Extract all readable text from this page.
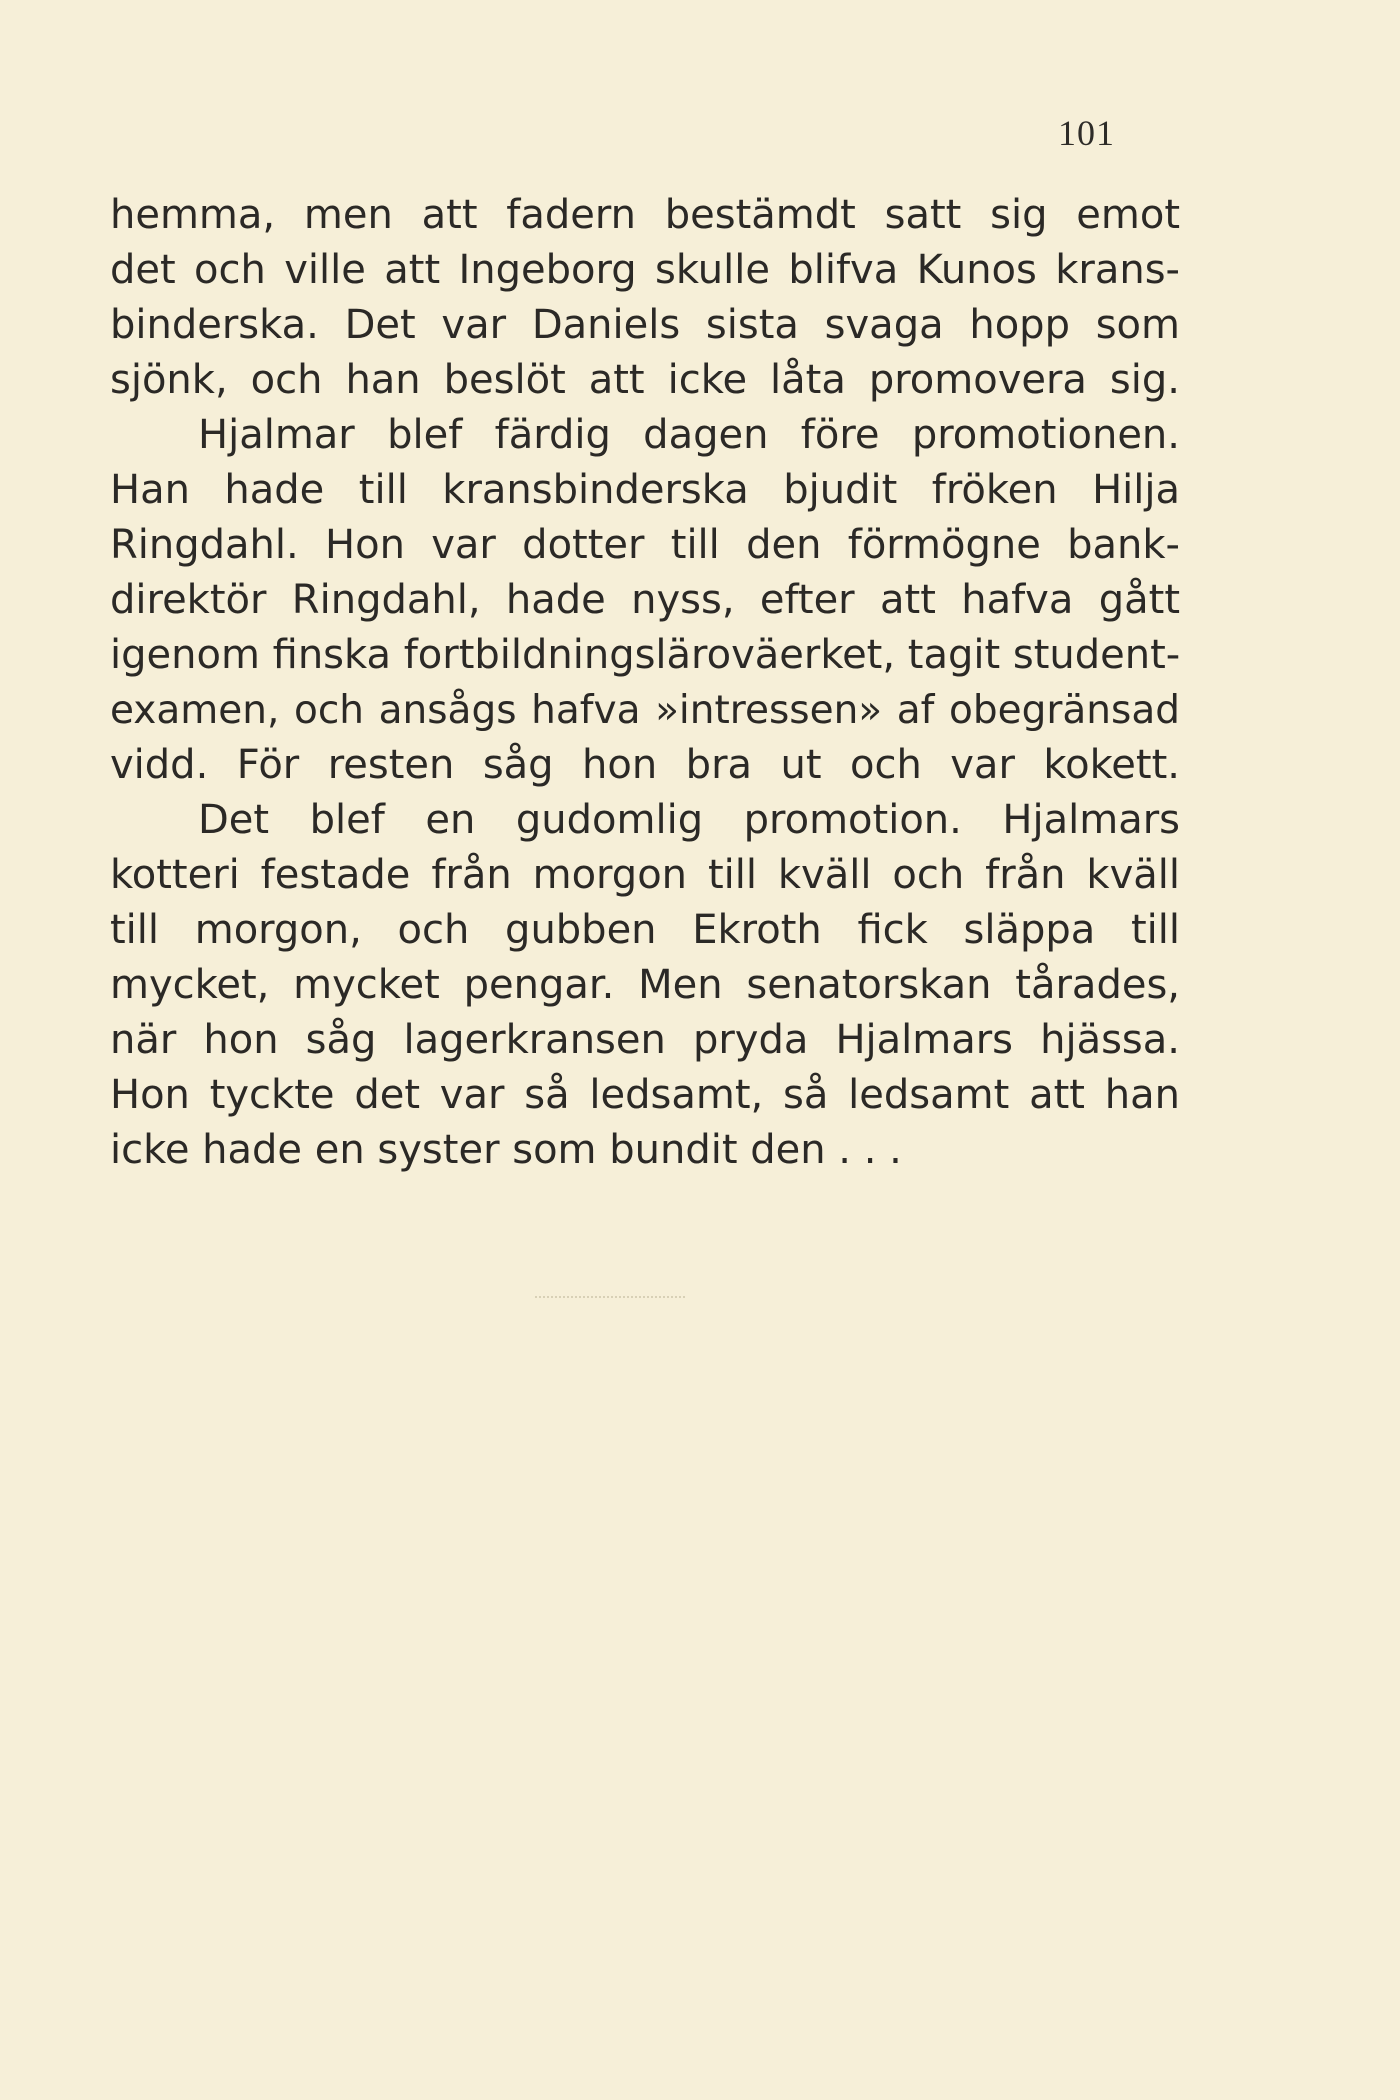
101
hemma, men att fadern bestämdt satt sig emot
det och ville att Ingeborg skulle blifva Kunos krans-
binderska. Det var Daniels sista svaga hopp som
sjönk, och han beslöt att icke låta promovera sig.
Hjalmar blef färdig dagen före promotionen.
Han hade till kransbinderska bjudit fröken Hilja
Ringdahl. Hon var dotter till den förmögne bank-
direktör Ringdahl, hade nyss, efter att hafva gått
igenom finska fortbildningsläroväerket, tagit student-
examen, och ansågs hafva »intressen» af obegränsad
vidd. För resten såg hon bra ut och var kokett.
Det blef en gudomlig promotion. Hjalmars
kotteri festade från morgon till kväll och från kväll
till morgon, och gubben Ekroth fick släppa till
mycket, mycket pengar. Men senatorskan tårades,
när hon såg lagerkransen pryda Hjalmars hjässa.
Hon tyckte det var så ledsamt, så ledsamt att han
icke hade en syster som bundit den . . .
